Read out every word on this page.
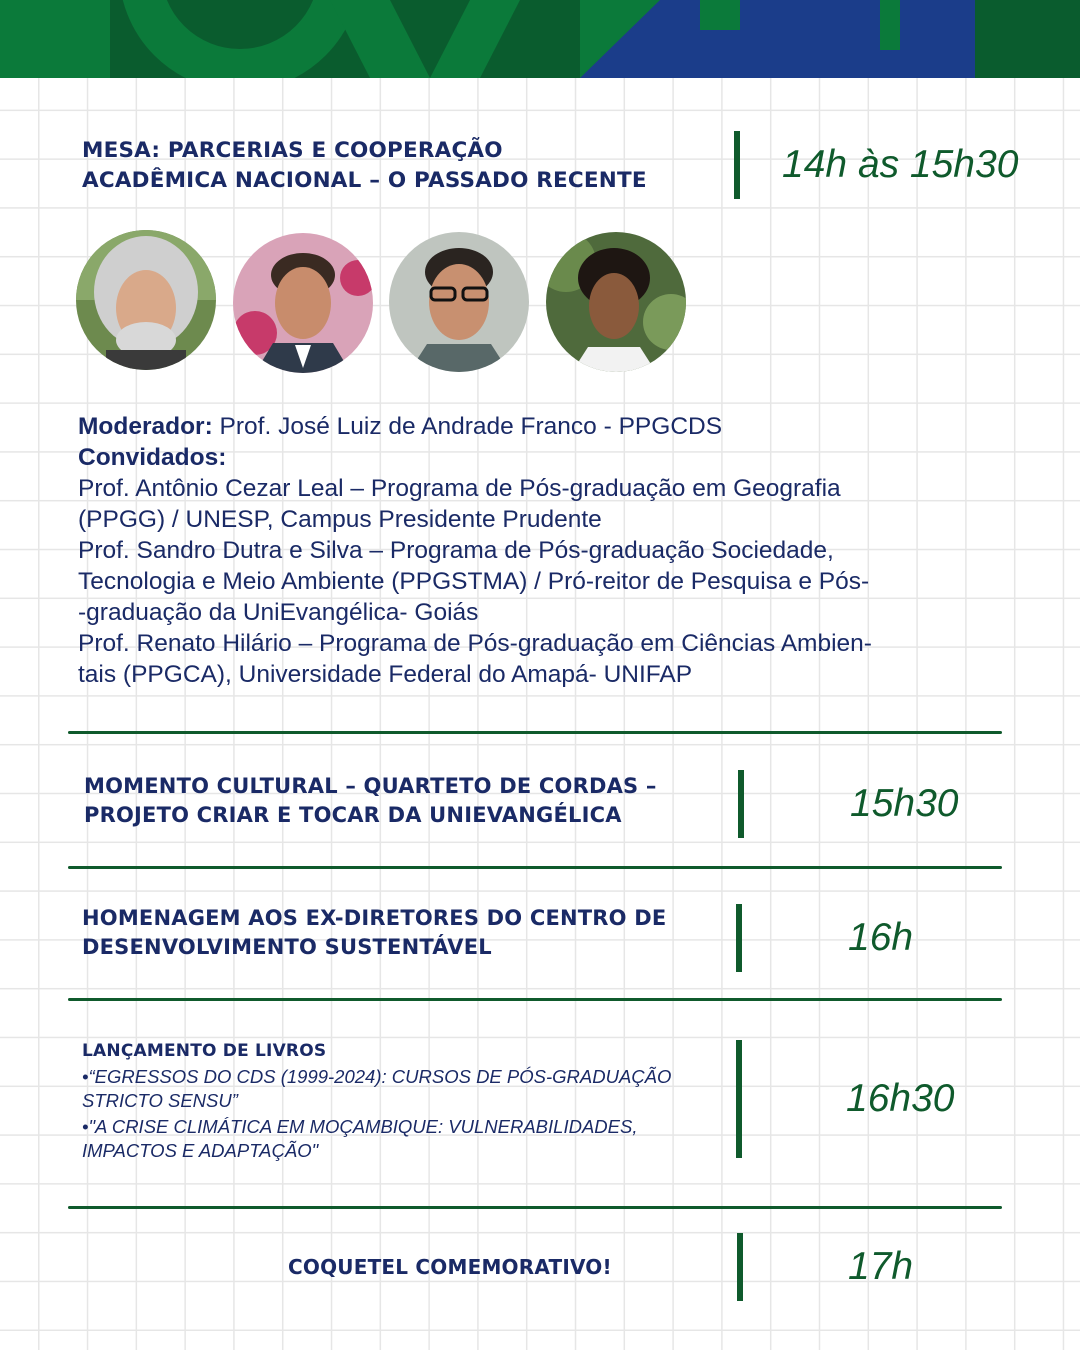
MESA: PARCERIAS E COOPERAÇÃO
ACADÊMICA NACIONAL – O PASSADO RECENTE	14h às 15h30
Moderador: Prof. José Luiz de Andrade Franco - PPGCDS
Convidados:
Prof. Antônio Cezar Leal – Programa de Pós-graduação em Geografia
(PPGG) / UNESP, Campus Presidente Prudente
Prof. Sandro Dutra e Silva – Programa de Pós-graduação Sociedade,
Tecnologia e Meio Ambiente (PPGSTMA) / Pró-reitor de Pesquisa e Pós-
-graduação da UniEvangélica- Goiás
Prof. Renato Hilário – Programa de Pós-graduação em Ciências Ambien-
tais (PPGCA), Universidade Federal do Amapá- UNIFAP
MOMENTO CULTURAL – QUARTETO DE CORDAS –
PROJETO CRIAR E TOCAR DA UNIEVANGÉLICA	15h30
HOMENAGEM AOS EX-DIRETORES DO CENTRO DE
DESENVOLVIMENTO SUSTENTÁVEL	16h
LANÇAMENTO DE LIVROS
•“EGRESSOS DO CDS (1999-2024): CURSOS DE PÓS-GRADUAÇÃO
STRICTO SENSU”
•"A CRISE CLIMÁTICA EM MOÇAMBIQUE: VULNERABILIDADES,
IMPACTOS E ADAPTAÇÃO"
16h30
COQUETEL COMEMORATIVO!	17h
